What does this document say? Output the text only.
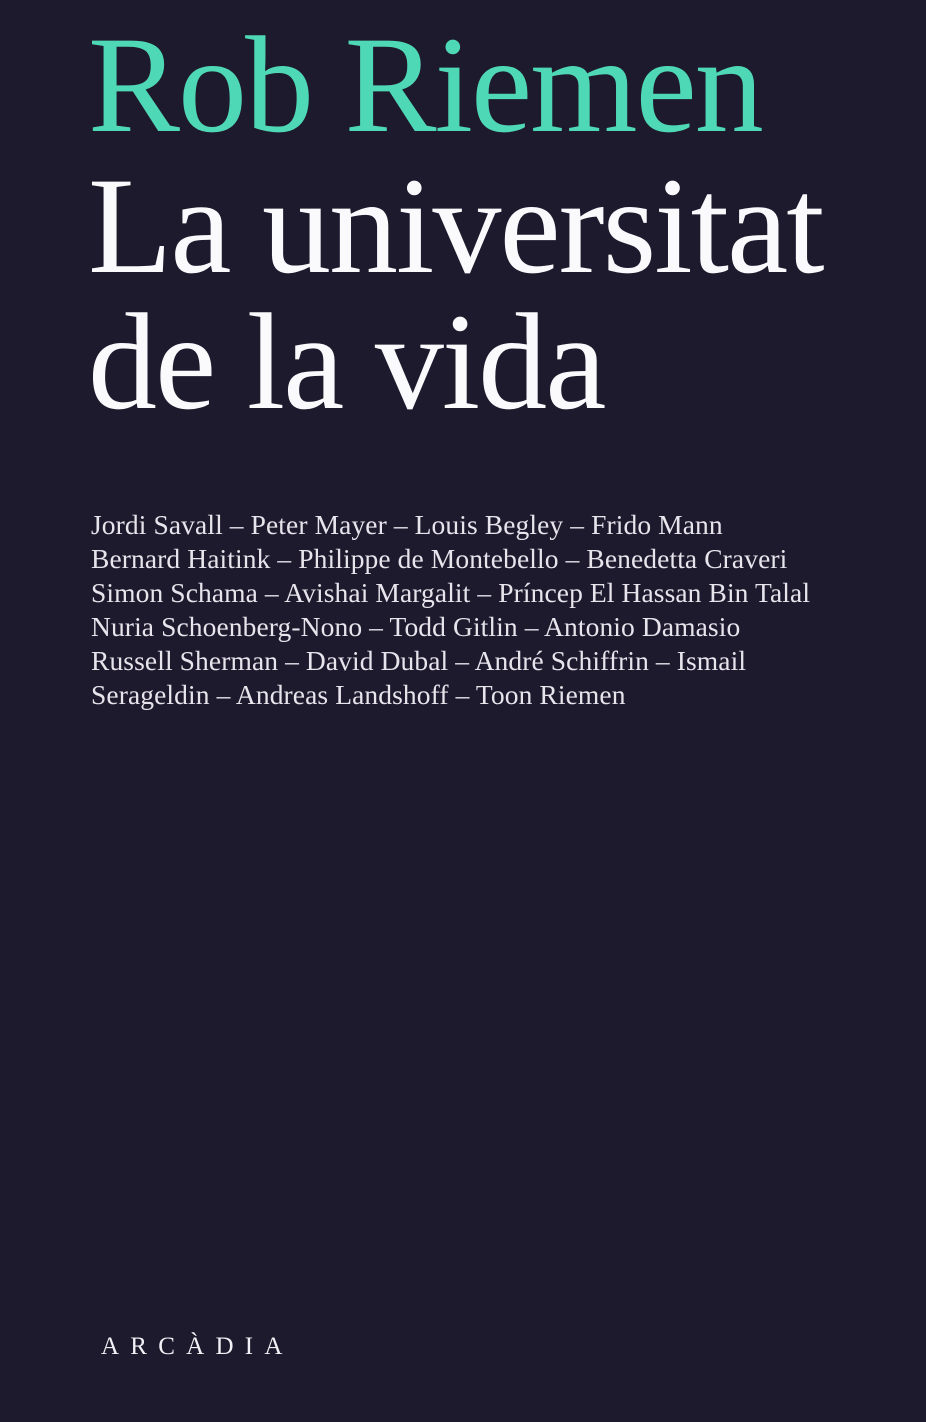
Rob Riemen
La universitat
de la vida
Jordi Savall – Peter Mayer – Louis Begley – Frido Mann
Bernard Haitink – Philippe de Montebello – Benedetta Craveri
Simon Schama – Avishai Margalit – Príncep El Hassan Bin Talal
Nuria Schoenberg-Nono – Todd Gitlin – Antonio Damasio
Russell Sherman – David Dubal – André Schiffrin – Ismail
Serageldin – Andreas Landshoff – Toon Riemen
ARCÀDIA
